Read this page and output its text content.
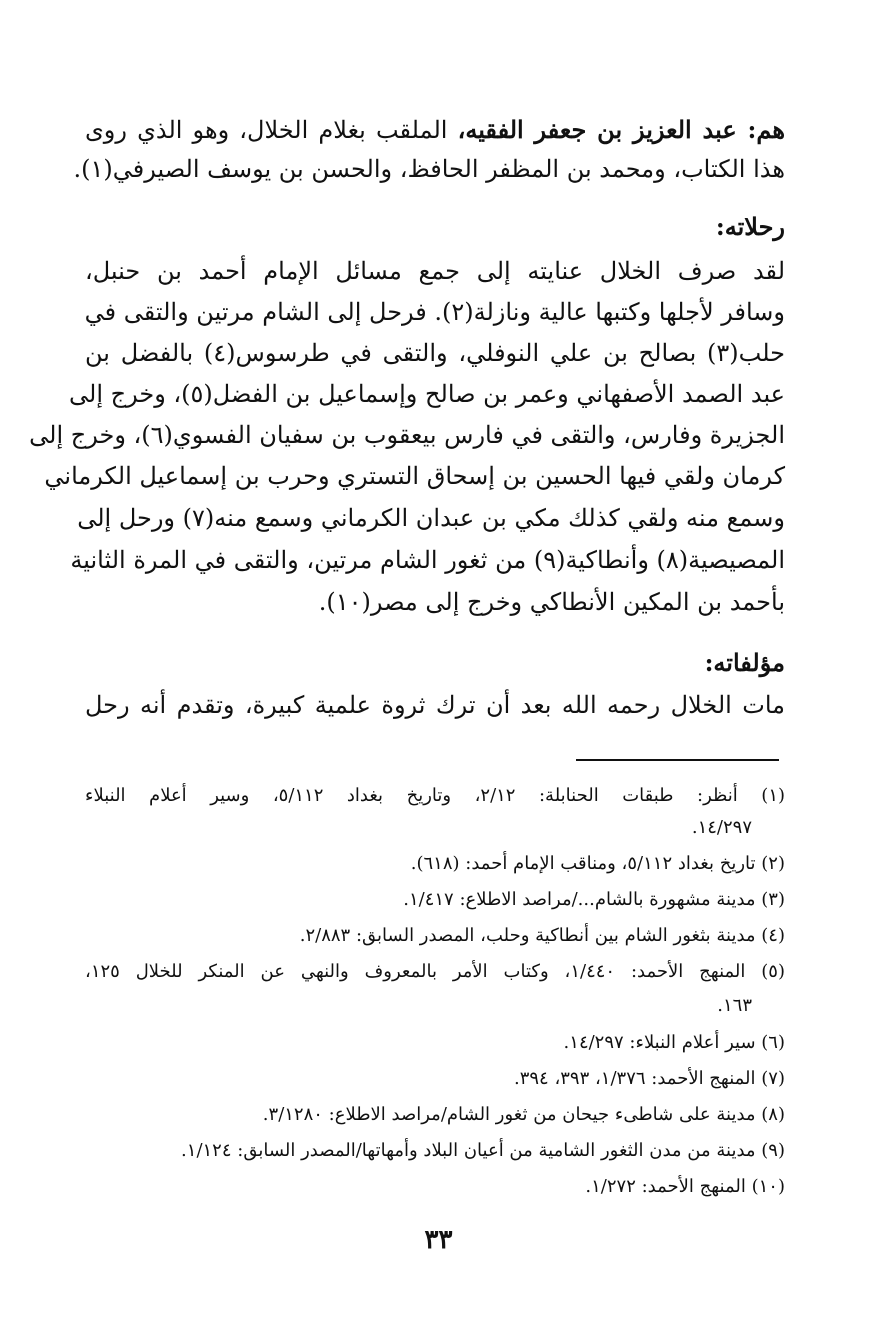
هم: عبد العزيز بن جعفر الفقيه، الملقب بغلام الخلال، وهو الذي روى
هذا الكتاب، ومحمد بن المظفر الحافظ، والحسن بن يوسف الصيرفي(١).
رحلاته:
لقد صرف الخلال عنايته إلى جمع مسائل الإمام أحمد بن حنبل،
وسافر لأجلها وكتبها عالية ونازلة(٢). فرحل إلى الشام مرتين والتقى في
حلب(٣) بصالح بن علي النوفلي، والتقى في طرسوس(٤) بالفضل بن
عبد الصمد الأصفهاني وعمر بن صالح وإسماعيل بن الفضل(٥)، وخرج إلى
الجزيرة وفارس، والتقى في فارس بيعقوب بن سفيان الفسوي(٦)، وخرج إلى
كرمان ولقي فيها الحسين بن إسحاق التستري وحرب بن إسماعيل الكرماني
وسمع منه ولقي كذلك مكي بن عبدان الكرماني وسمع منه(٧) ورحل إلى
المصيصية(٨) وأنطاكية(٩) من ثغور الشام مرتين، والتقى في المرة الثانية
بأحمد بن المكين الأنطاكي وخرج إلى مصر(١٠).
مؤلفاته:
مات الخلال رحمه الله بعد أن ترك ثروة علمية كبيرة، وتقدم أنه رحل
(١) أنظر: طبقات الحنابلة: ٢/١٢، وتاريخ بغداد ٥/١١٢، وسير أعلام النبلاء
١٤/٢٩٧.
(٢) تاريخ بغداد ٥/١١٢، ومناقب الإمام أحمد: (٦١٨).
(٣) مدينة مشهورة بالشام.../مراصد الاطلاع: ١/٤١٧.
(٤) مدينة بثغور الشام بين أنطاكية وحلب، المصدر السابق: ٢/٨٨٣.
(٥) المنهج الأحمد: ١/٤٤٠، وكتاب الأمر بالمعروف والنهي عن المنكر للخلال ١٢٥،
١٦٣.
(٦) سير أعلام النبلاء: ١٤/٢٩٧.
(٧) المنهج الأحمد: ١/٣٧٦، ٣٩٣، ٣٩٤.
(٨) مدينة على شاطىء جيحان من ثغور الشام/مراصد الاطلاع: ٣/١٢٨٠.
(٩) مدينة من مدن الثغور الشامية من أعيان البلاد وأمهاتها/المصدر السابق: ١/١٢٤.
(١٠) المنهج الأحمد: ١/٢٧٢.
٣٣
